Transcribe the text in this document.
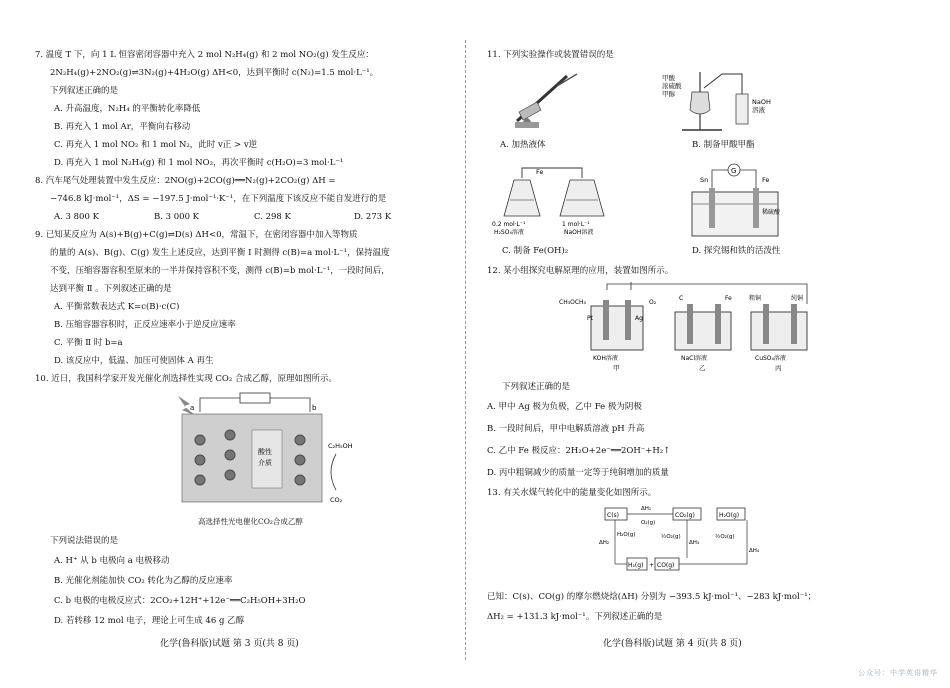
7. 温度 T 下，向 1 L 恒容密闭容器中充入 2 mol N₂H₄(g) 和 2 mol NO₂(g) 发生反应：
2N₂H₄(g)+2NO₂(g)⇌3N₂(g)+4H₂O(g) ΔH<0，达到平衡时 c(N₂)=1.5 mol·L⁻¹。
下列叙述正确的是
A. 升高温度，N₂H₄ 的平衡转化率降低
B. 再充入 1 mol Ar，平衡向右移动
C. 再充入 1 mol NO₂ 和 1 mol N₂，此时 v正 > v逆
D. 再充入 1 mol N₂H₄(g) 和 1 mol NO₂，再次平衡时 c(H₂O)=3 mol·L⁻¹
8. 汽车尾气处理装置中发生反应：2NO(g)+2CO(g)══N₂(g)+2CO₂(g) ΔH =
−746.8 kJ·mol⁻¹，ΔS = −197.5 J·mol⁻¹·K⁻¹，在下列温度下该反应不能自发进行的是
A. 3 800 K	B. 3 000 K	C. 298 K	D. 273 K
9. 已知某反应为 A(s)+B(g)+C(g)⇌D(s) ΔH<0，常温下，在密闭容器中加入等物质
的量的 A(s)、B(g)、C(g) 发生上述反应，达到平衡 Ⅰ 时测得 c(B)=a mol·L⁻¹，保持温度
不变，压缩容器容积至原来的一半并保持容积不变，测得 c(B)=b mol·L⁻¹，一段时间后，
达到平衡 Ⅱ 。下列叙述正确的是
A. 平衡常数表达式 K=c(B)·c(C)
B. 压缩容器容积时，正反应速率小于逆反应速率
C. 平衡 Ⅱ 时 b=a
D. 该反应中，低温、加压可使固体 A 再生
10. 近日，我国科学家开发光催化剂选择性实现 CO₂ 合成乙醇，原理如图所示。
a	b
酸性
介质
C₂H₅OH
CO₂
高选择性光电催化CO₂合成乙醇
下列说法错误的是
A. H⁺ 从 b 电极向 a 电极移动
B. 光催化剂能加快 CO₂ 转化为乙醇的反应速率
C. b 电极的电极反应式：2CO₂+12H⁺+12e⁻══C₂H₅OH+3H₂O
D. 若转移 12 mol 电子，理论上可生成 46 g 乙醇
化学(鲁科版)试题 第 3 页(共 8 页)
11. 下列实验操作或装置错误的是
A. 加热液体
甲酸
浓硫酸
甲醇
NaOH
溶液
B. 制备甲酸甲酯
Fe
0.2 mol·L⁻¹
H₂SO₄溶液
1 mol·L⁻¹
NaOH溶液
C. 制备 Fe(OH)₂
G
Sn	Fe
稀硫酸
D. 探究锡和铁的活泼性
12. 某小组探究电解原理的应用，装置如图所示。
CH₃OCH₃	O₂
Pt	Ag
C	Fe	粗铜	纯铜
KOH溶液	NaCl溶液	CuSO₄溶液
甲	乙	丙
下列叙述正确的是
A. 甲中 Ag 极为负极，乙中 Fe 极为阴极
B. 一段时间后，甲中电解质溶液 pH 升高
C. 乙中 Fe 极反应：2H₂O+2e⁻══2OH⁻+H₂↑
D. 丙中粗铜减少的质量一定等于纯铜增加的质量
13. 有关水煤气转化中的能量变化如图所示。
C(s)	CO₂(g)	H₂O(g)
H₂(g) + CO(g)
ΔH₁
O₂(g)
ΔH₂
H₂O(g)
ΔH₃
½O₂(g)
ΔH₄
½O₂(g)
已知：C(s)、CO(g) 的摩尔燃烧焓(ΔH) 分别为 −393.5 kJ·mol⁻¹、−283 kJ·mol⁻¹；
ΔH₂ = +131.3 kJ·mol⁻¹。下列叙述正确的是
化学(鲁科版)试题 第 4 页(共 8 页)
公众号：中学英语精华
